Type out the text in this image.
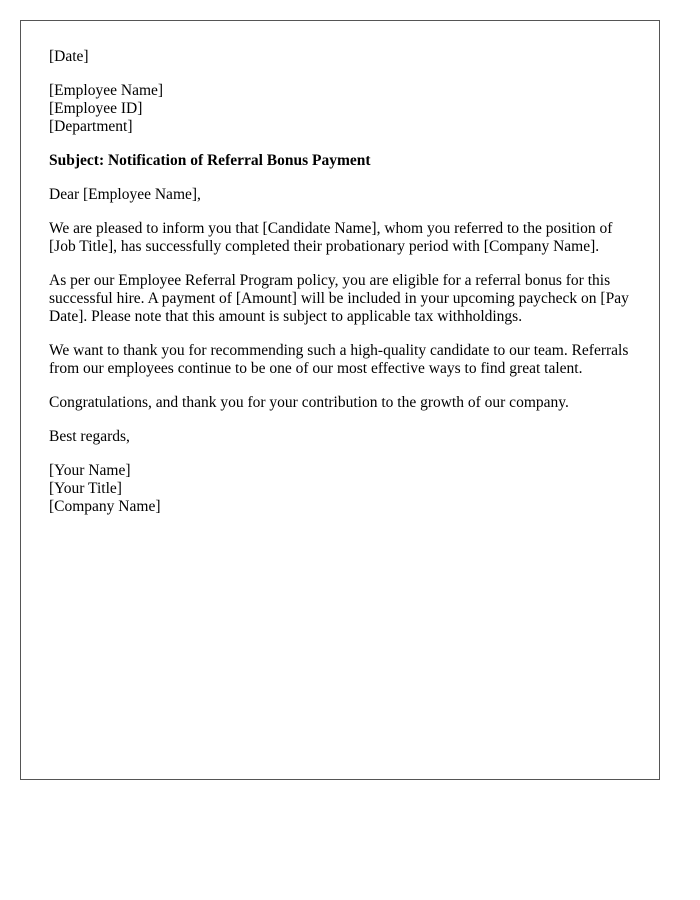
[Date]
[Employee Name]
[Employee ID]
[Department]
Subject: Notification of Referral Bonus Payment
Dear [Employee Name],

We are pleased to inform you that [Candidate Name], whom you referred to the position of [Job Title], has successfully completed their probationary period with [Company Name].

As per our Employee Referral Program policy, you are eligible for a referral bonus for this successful hire. A payment of [Amount] will be included in your upcoming paycheck on [Pay Date]. Please note that this amount is subject to applicable tax withholdings.

We want to thank you for recommending such a high-quality candidate to our team. Referrals from our employees continue to be one of our most effective ways to find great talent.

Congratulations, and thank you for your contribution to the growth of our company.

Best regards,
[Your Name]
[Your Title]
[Company Name]
